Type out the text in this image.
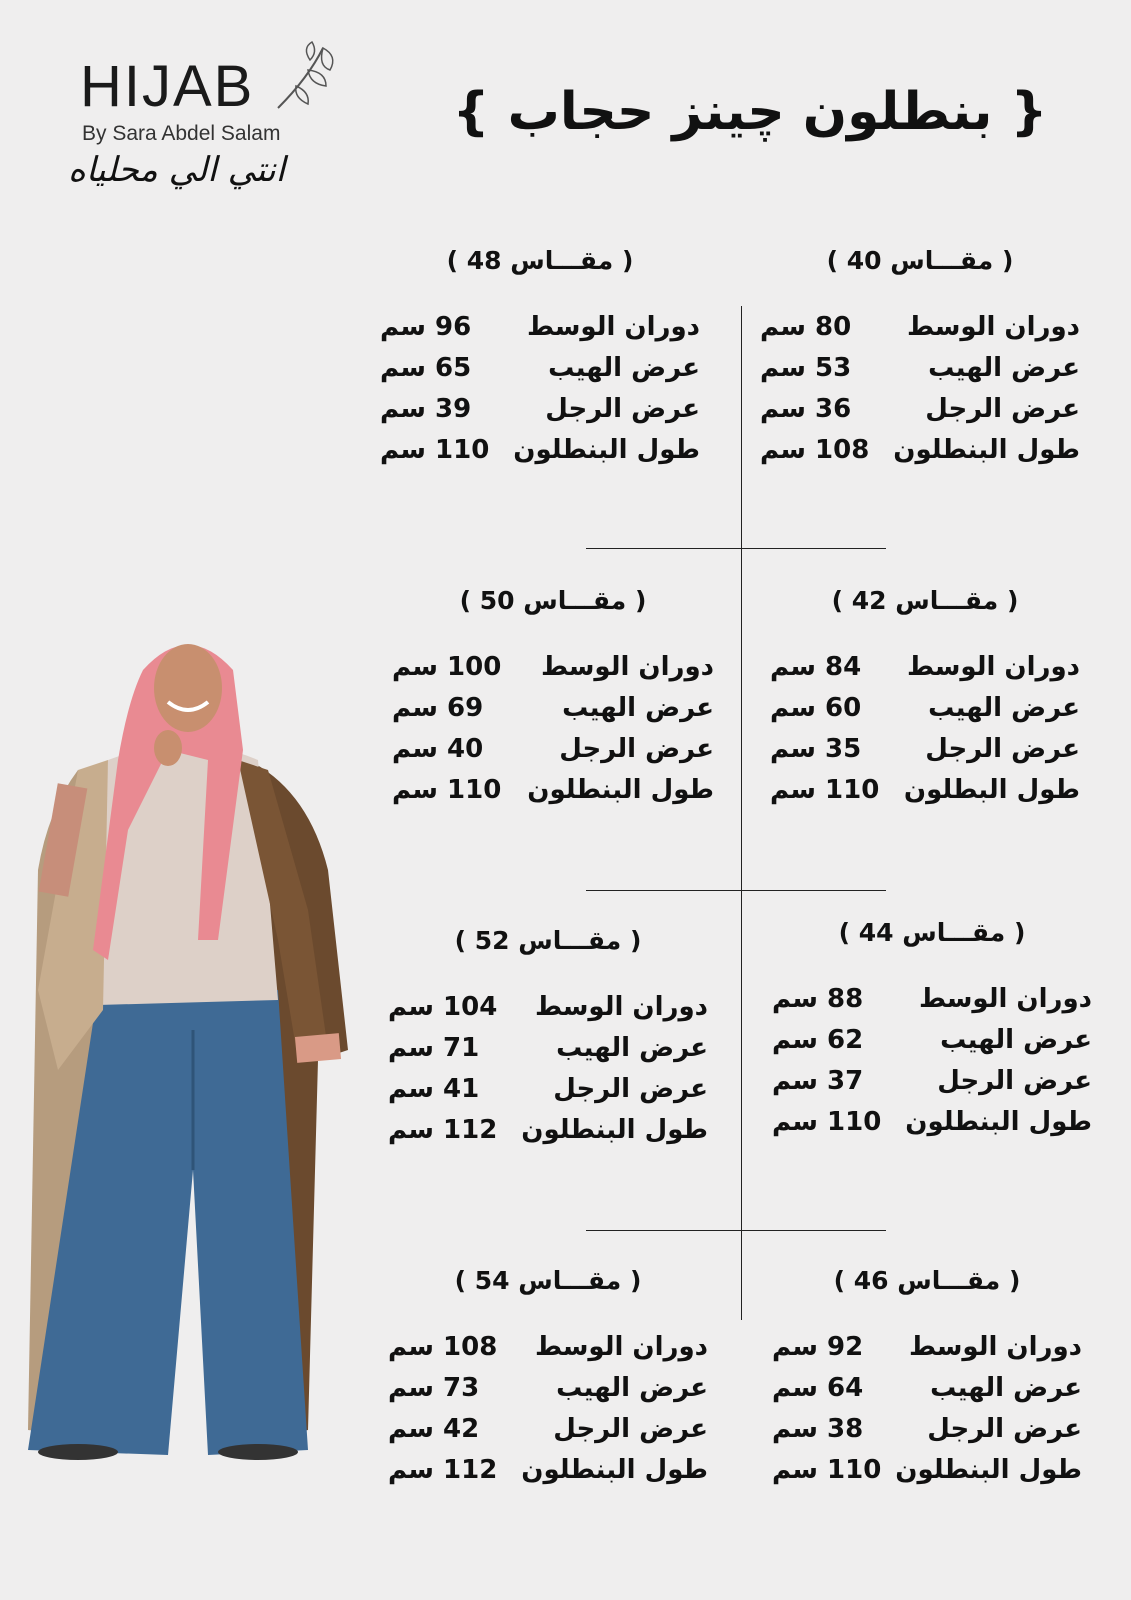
HIJAB
By Sara Abdel Salam
انتي الي محلياه
{ بنطلون چينز حجاب }
( مقـــاس 40 )
دوران الوسط
80 سم
عرض الهيب
53 سم
عرض الرجل
36 سم
طول البنطلون
108 سم
( مقـــاس 42 )
دوران الوسط
84 سم
عرض الهيب
60 سم
عرض الرجل
35 سم
طول البطلون
110 سم
( مقـــاس 44 )
دوران الوسط
88 سم
عرض الهيب
62 سم
عرض الرجل
37 سم
طول البنطلون
110 سم
( مقـــاس 46 )
دوران الوسط
92 سم
عرض الهيب
64 سم
عرض الرجل
38 سم
طول البنطلون
110 سم
( مقـــاس 48 )
دوران الوسط
96 سم
عرض الهيب
65 سم
عرض الرجل
39 سم
طول البنطلون
110 سم
( مقـــاس 50 )
دوران الوسط
100 سم
عرض الهيب
69 سم
عرض الرجل
40 سم
طول البنطلون
110 سم
( مقـــاس 52 )
دوران الوسط
104 سم
عرض الهيب
71 سم
عرض الرجل
41 سم
طول البنطلون
112 سم
( مقـــاس 54 )
دوران الوسط
108 سم
عرض الهيب
73 سم
عرض الرجل
42 سم
طول البنطلون
112 سم
